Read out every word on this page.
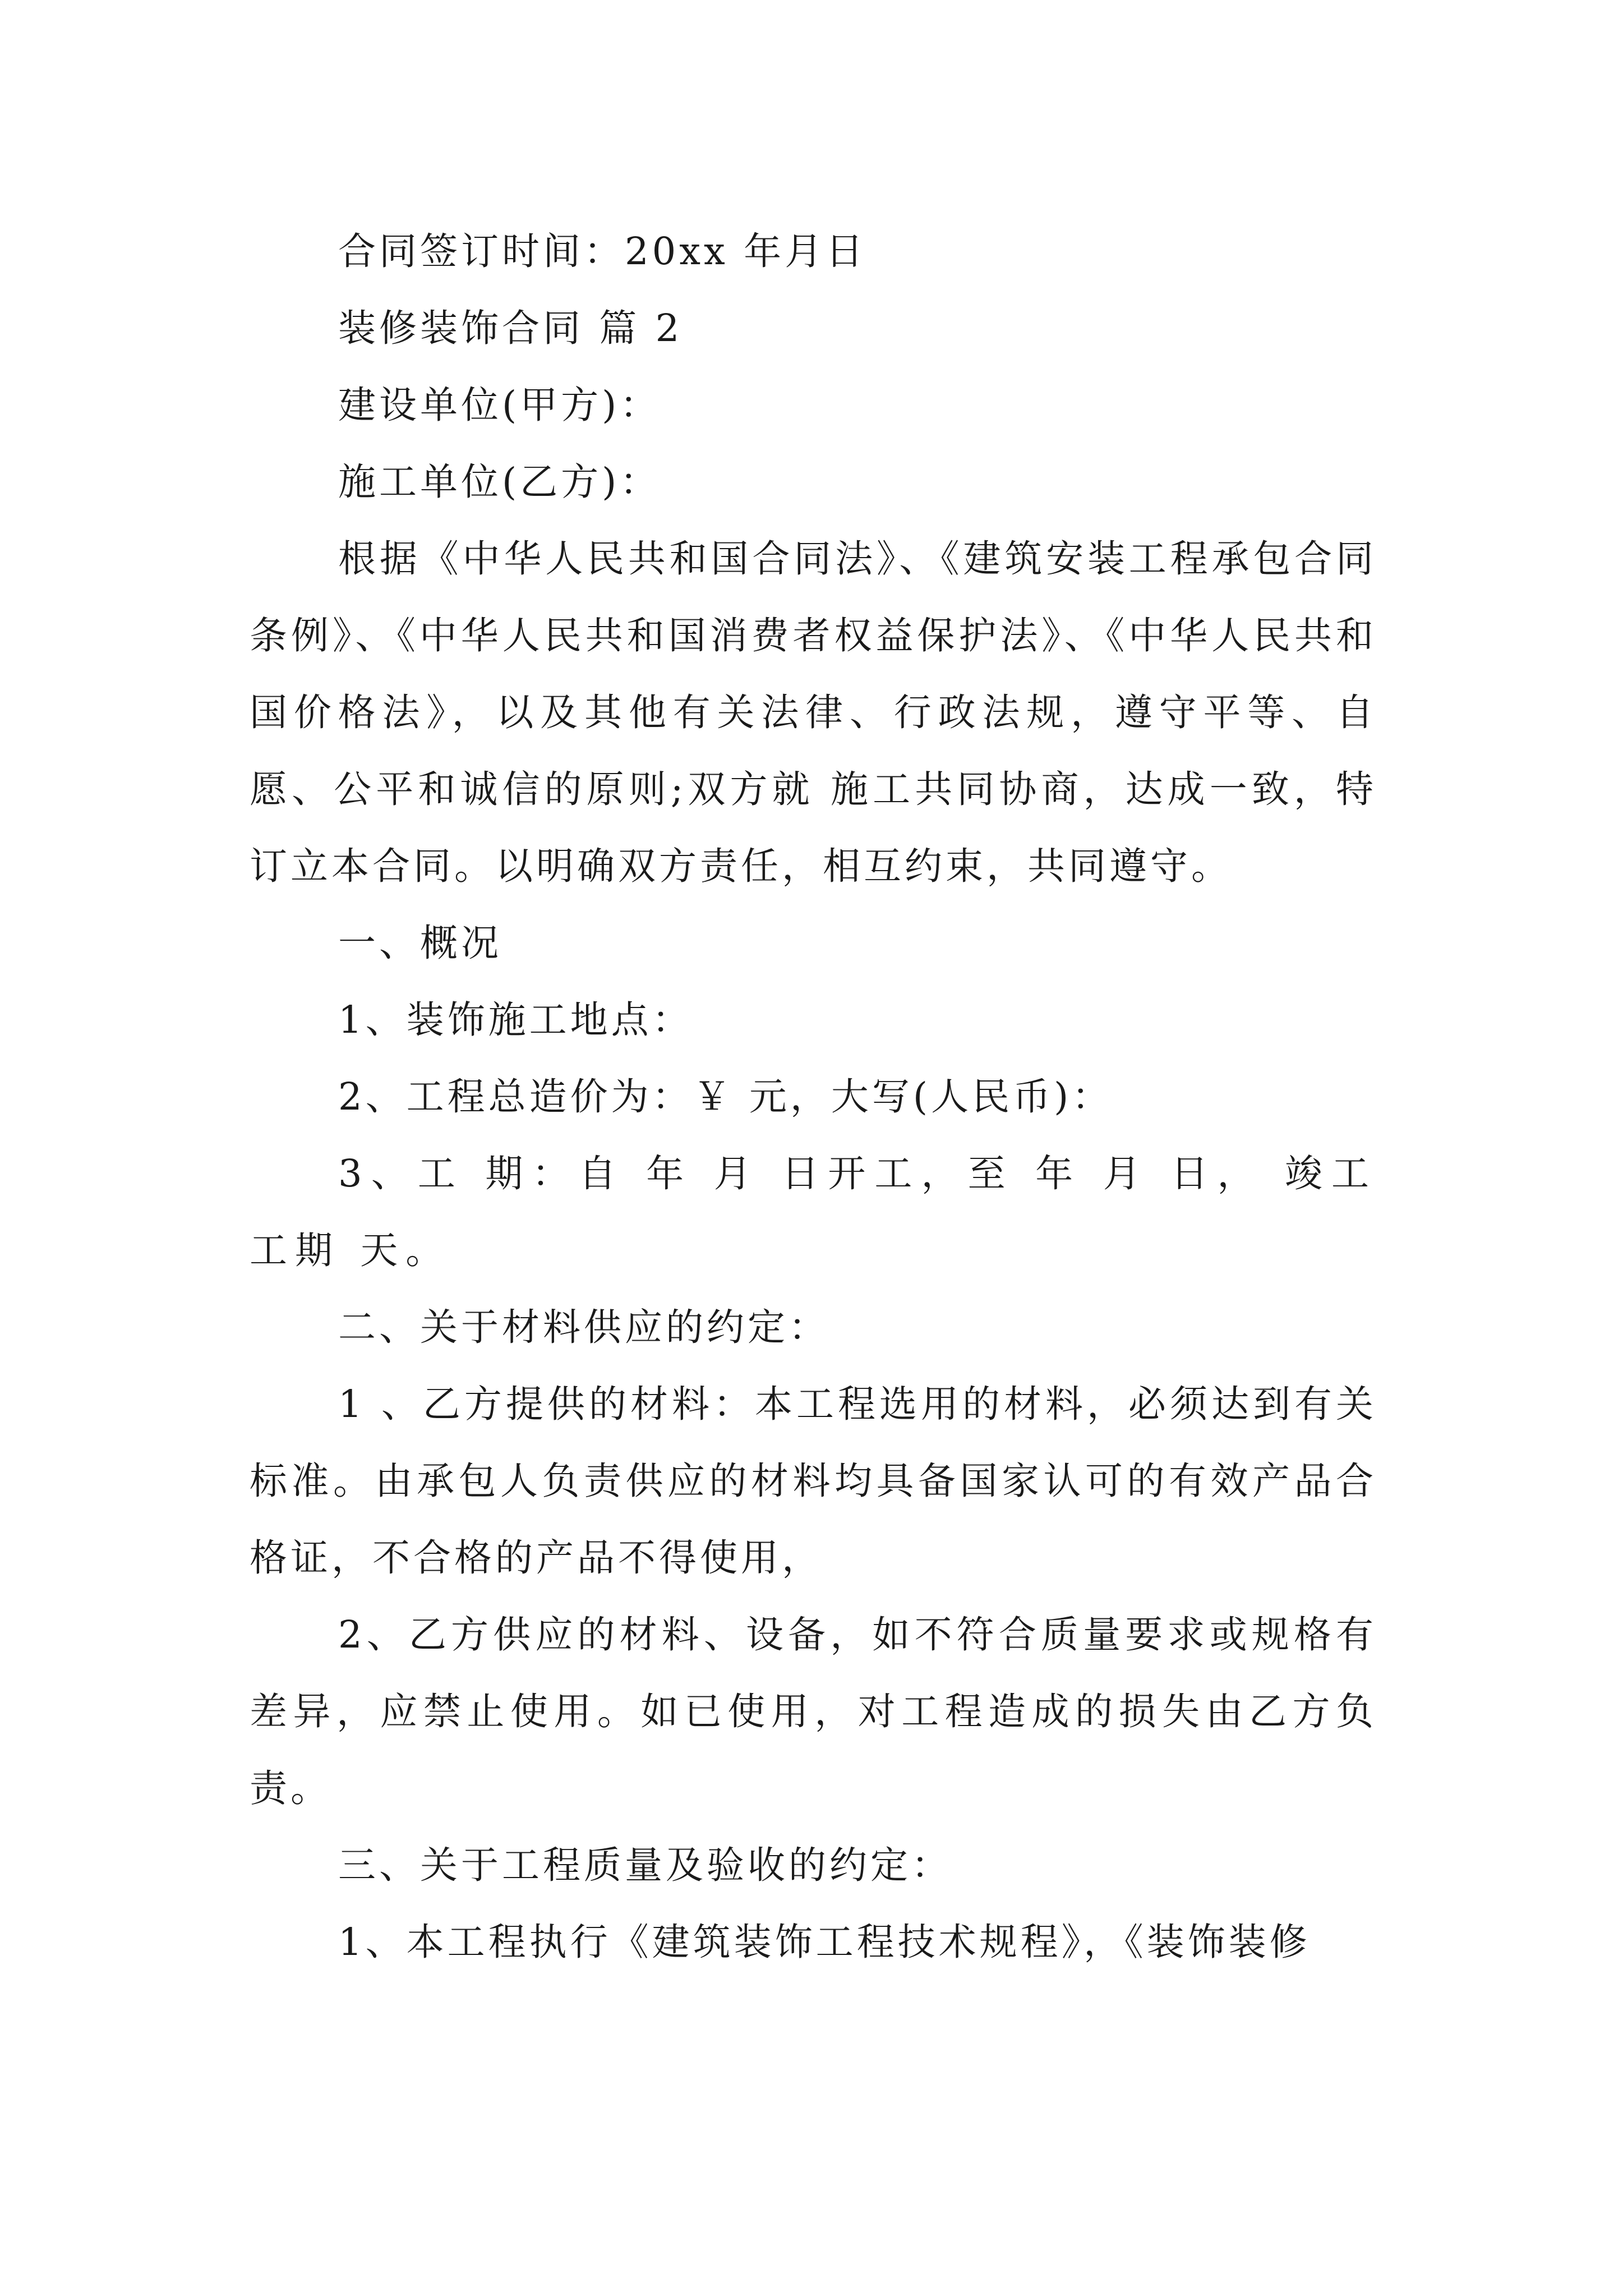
合同签订时间：20xx 年月日

装修装饰合同 篇 2

建设单位(甲方)：

施工单位(乙方)：

根据《中华人民共和国合同法》、《建筑安装工程承包合同条例》、《中华人民共和国消费者权益保护法》、《中华人民共和国价格法》，以及其他有关法律、行政法规，遵守平等、自愿、公平和诚信的原则;双方就 施工共同协商，达成一致，特订立本合同。以明确双方责任，相互约束，共同遵守。

一、概况

1、装饰施工地点：

2、工程总造价为：￥ 元，大写(人民币)：

3、工 期：自 年 月 日开工，至 年 月 日， 竣工工期 天。

二、关于材料供应的约定：

1 、乙方提供的材料：本工程选用的材料，必须达到有关标准。由承包人负责供应的材料均具备国家认可的有效产品合格证，不合格的产品不得使用，

2、乙方供应的材料、设备，如不符合质量要求或规格有差异，应禁止使用。如已使用，对工程造成的损失由乙方负责。

三、关于工程质量及验收的约定：

1、本工程执行《建筑装饰工程技术规程》，《装饰装修
